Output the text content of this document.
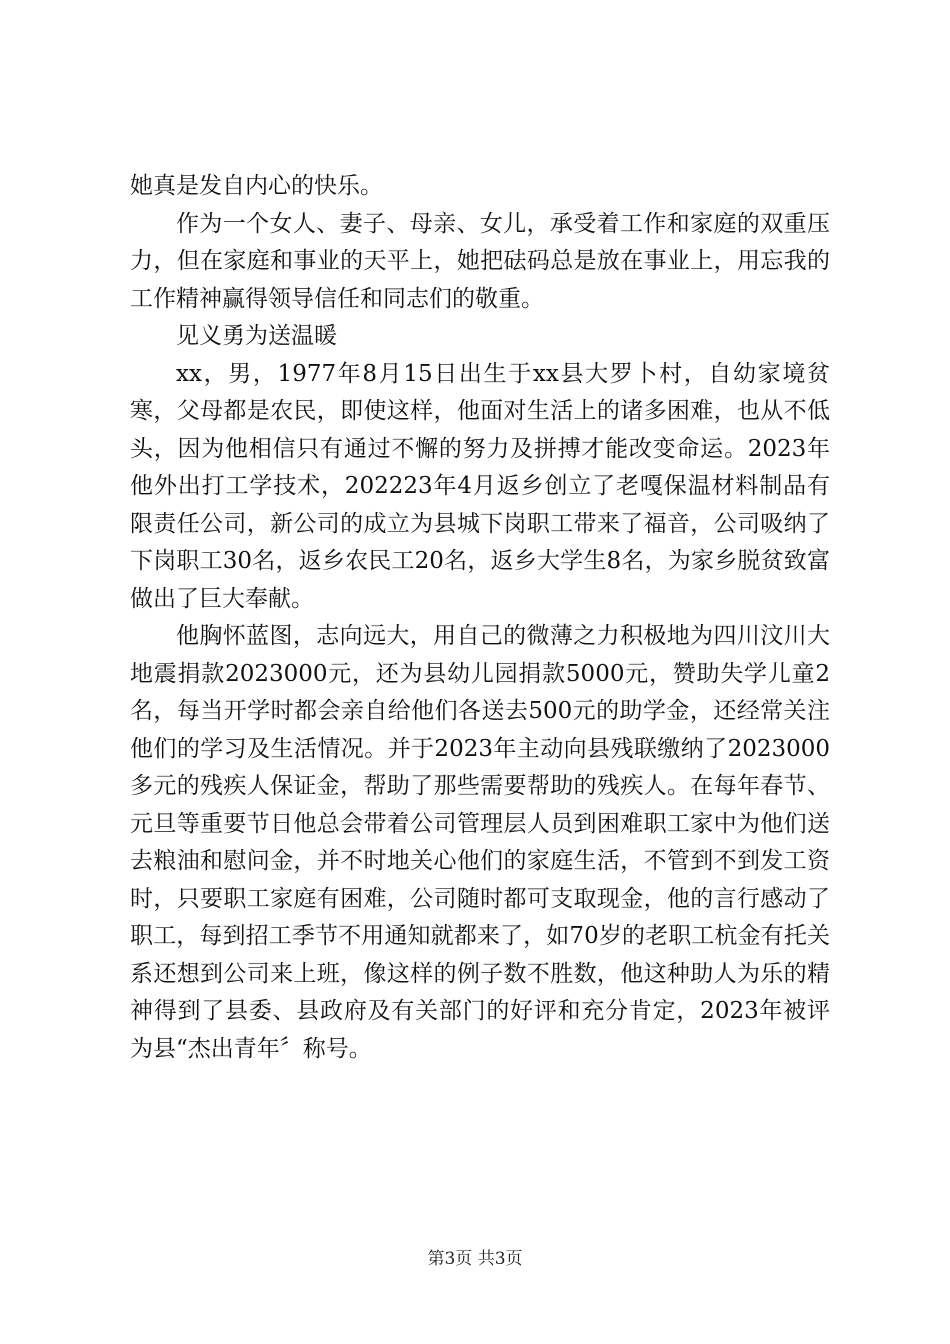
她真是发自内心的快乐。

作为一个女人、妻子、母亲、女儿，承受着工作和家庭的双重压力，但在家庭和事业的天平上，她把砝码总是放在事业上，用忘我的工作精神赢得领导信任和同志们的敬重。

见义勇为送温暖

xx，男，1977年8月15日出生于xx县大罗卜村，自幼家境贫寒，父母都是农民，即使这样，他面对生活上的诸多困难，也从不低头，因为他相信只有通过不懈的努力及拼搏才能改变命运。2023年他外出打工学技术，202223年4月返乡创立了老嘎保温材料制品有限责任公司，新公司的成立为县城下岗职工带来了福音，公司吸纳了下岗职工30名，返乡农民工20名，返乡大学生8名，为家乡脱贫致富做出了巨大奉献。

他胸怀蓝图，志向远大，用自己的微薄之力积极地为四川汶川大地震捐款2023000元，还为县幼儿园捐款5000元，赞助失学儿童2名，每当开学时都会亲自给他们各送去500元的助学金，还经常关注他们的学习及生活情况。并于2023年主动向县残联缴纳了2023000多元的残疾人保证金，帮助了那些需要帮助的残疾人。在每年春节、元旦等重要节日他总会带着公司管理层人员到困难职工家中为他们送去粮油和慰问金，并不时地关心他们的家庭生活，不管到不到发工资时，只要职工家庭有困难，公司随时都可支取现金，他的言行感动了职工，每到招工季节不用通知就都来了，如70岁的老职工杭金有托关系还想到公司来上班，像这样的例子数不胜数，他这种助人为乐的精神得到了县委、县政府及有关部门的好评和充分肯定，2023年被评为县“杰出青年〞称号。

第3页 共3页
